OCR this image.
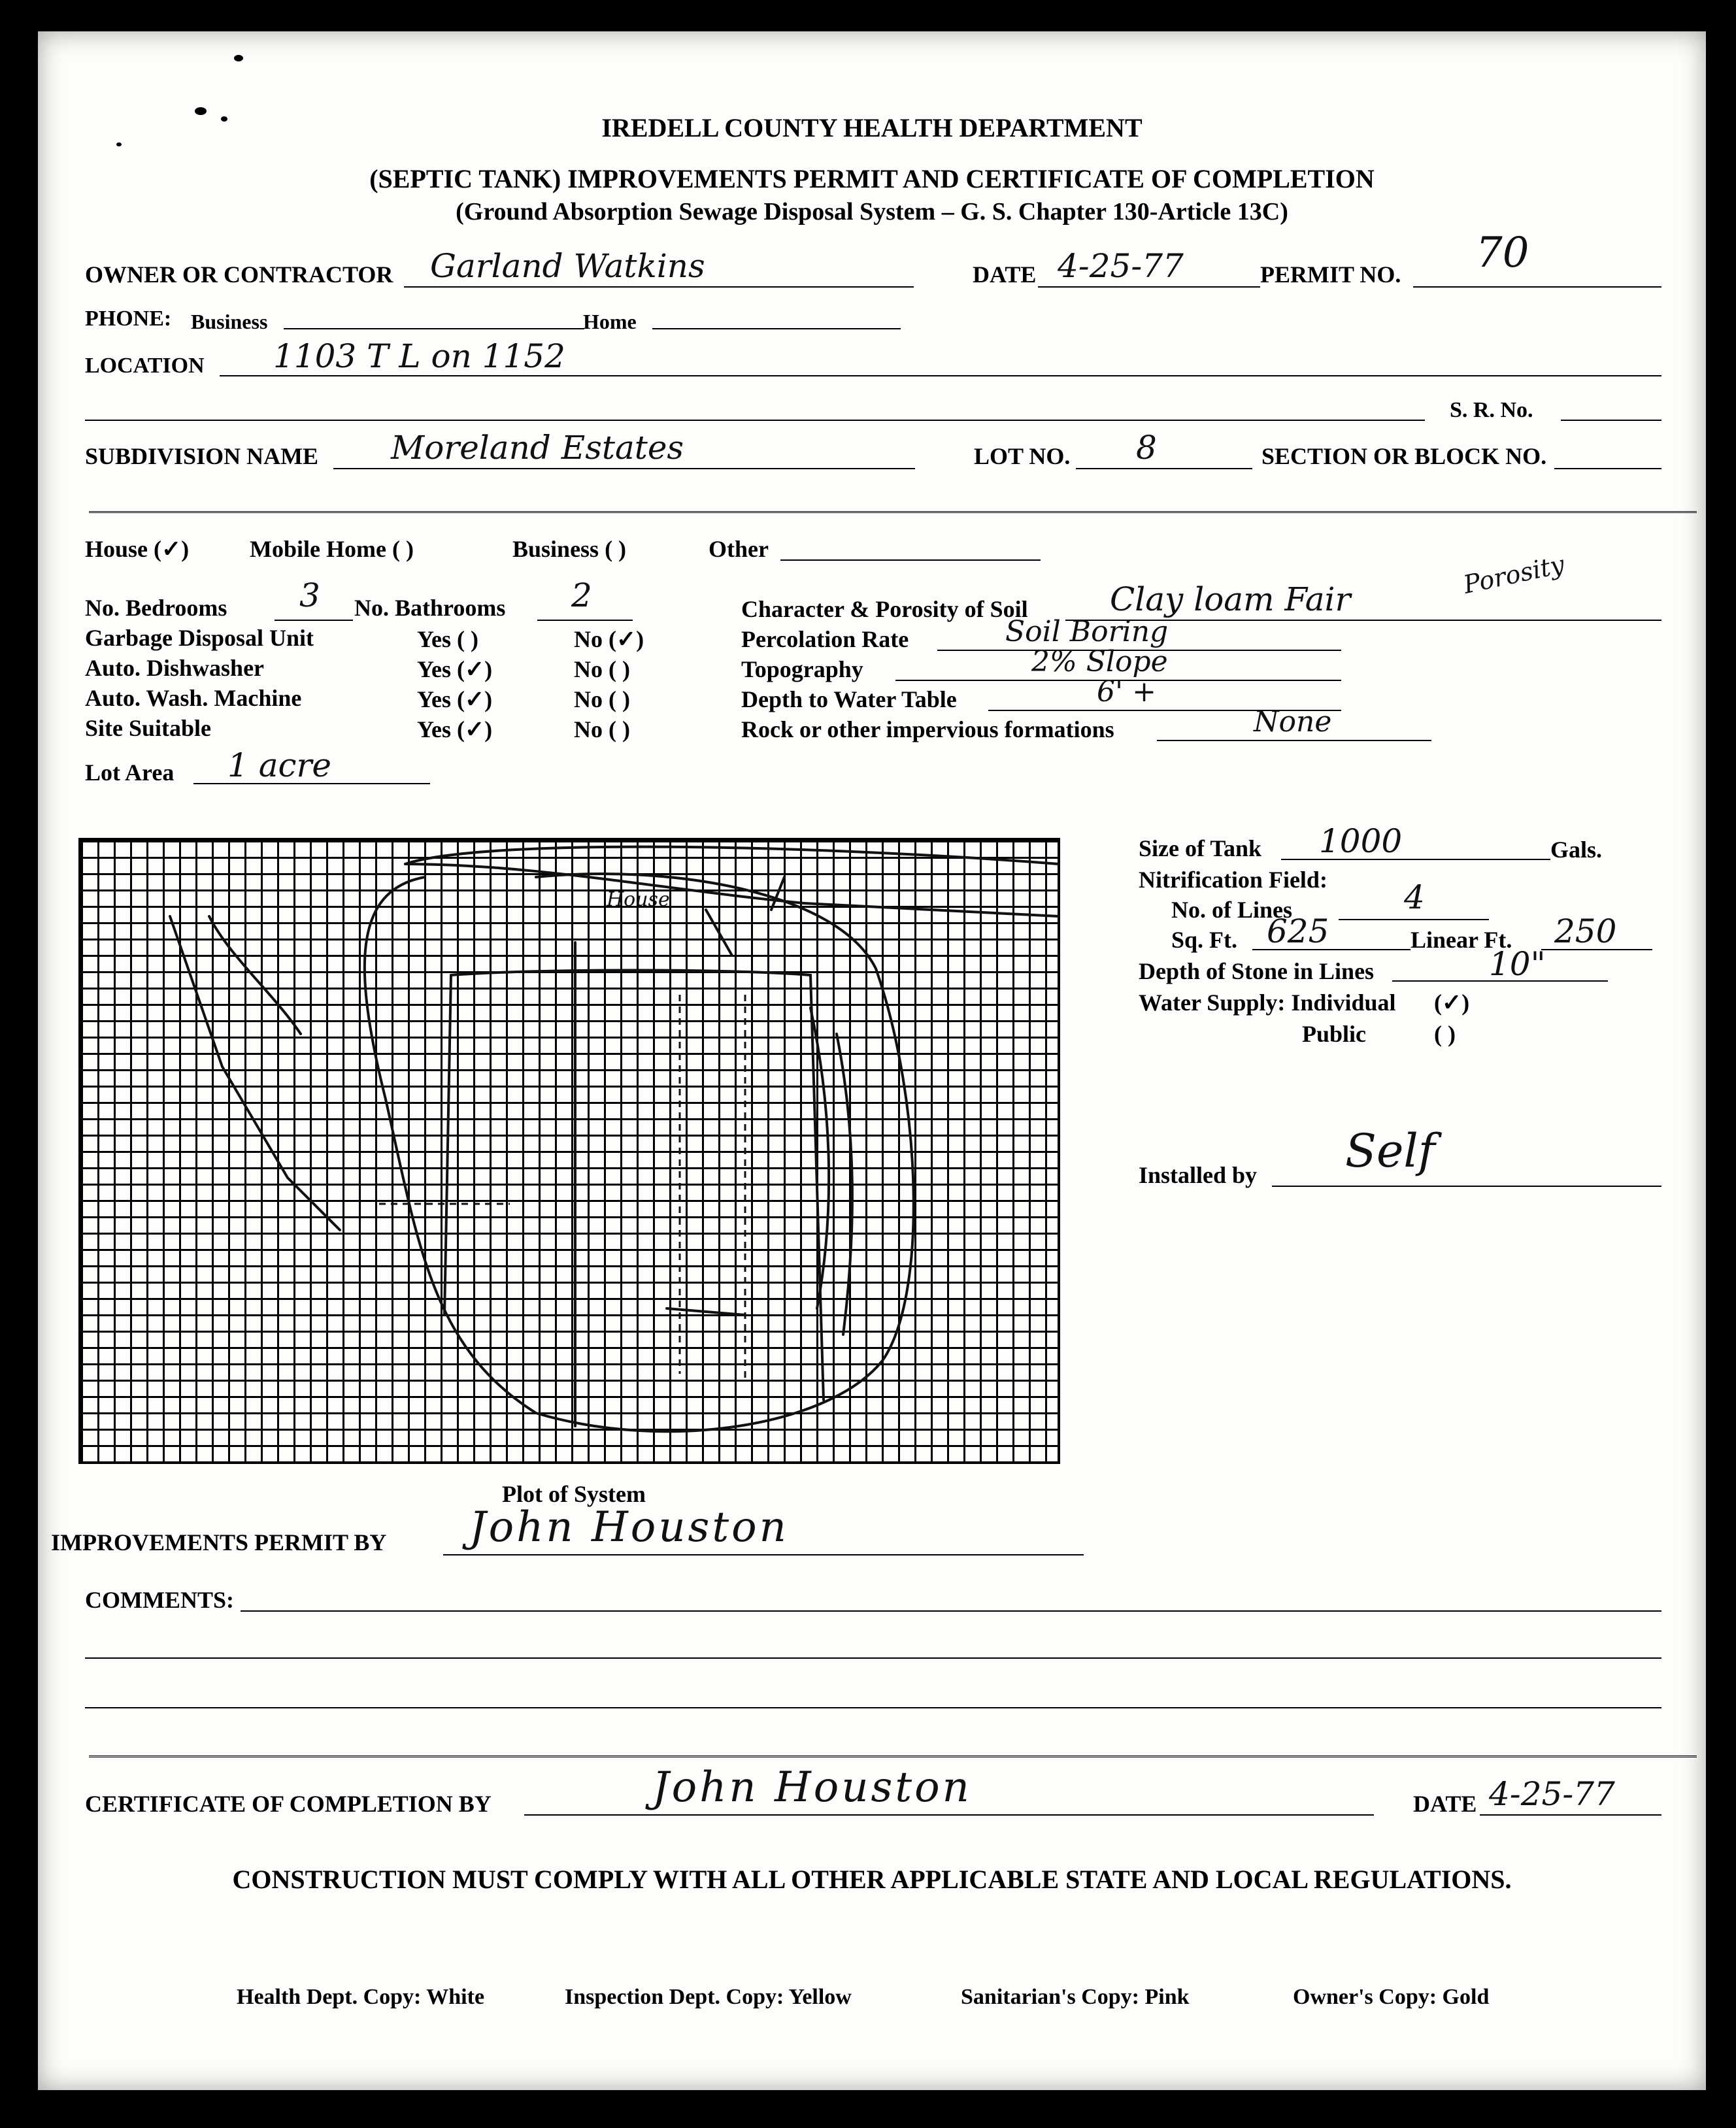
IREDELL COUNTY HEALTH DEPARTMENT
(SEPTIC TANK) IMPROVEMENTS PERMIT AND CERTIFICATE OF COMPLETION
(Ground Absorption Sewage Disposal System – G. S. Chapter 130-Article 13C)
OWNER OR CONTRACTOR Garland Watkins	DATE 4-25-77	PERMIT NO. 70
PHONE: Business	Home
LOCATION 1103 T L on 1152
S. R. No.
SUBDIVISION NAME Moreland Estates	LOT NO. 8	SECTION OR BLOCK NO.
House (✓)	Mobile Home ( )	Business ( )	Other
No. Bedrooms 3 No. Bathrooms 2
Garbage Disposal Unit	Yes ( )	No (✓)
Auto. Dishwasher	Yes (✓)	No ( )
Auto. Wash. Machine	Yes (✓)	No ( )
Site Suitable	Yes (✓)	No ( )
Lot Area 1 acre
Porosity
Character & Porosity of Soil	Clay loam Fair
Percolation Rate	Soil Boring
Topography	2% Slope
Depth to Water Table	6' +
Rock or other impervious formations	None
House
Plot of System
Size of Tank 1000	Gals.
Nitrification Field:
No. of Lines	4
Sq. Ft. 625	Linear Ft. 250
Depth of Stone in Lines	10"
Water Supply: Individual (✓)
Public	( )
Installed by Self
IMPROVEMENTS PERMIT BY John Houston
COMMENTS:
CERTIFICATE OF COMPLETION BY	John Houston	DATE 4-25-77
CONSTRUCTION MUST COMPLY WITH ALL OTHER APPLICABLE STATE AND LOCAL REGULATIONS.
Health Dept. Copy: White	Inspection Dept. Copy: Yellow	Sanitarian's Copy: Pink	Owner's Copy: Gold
